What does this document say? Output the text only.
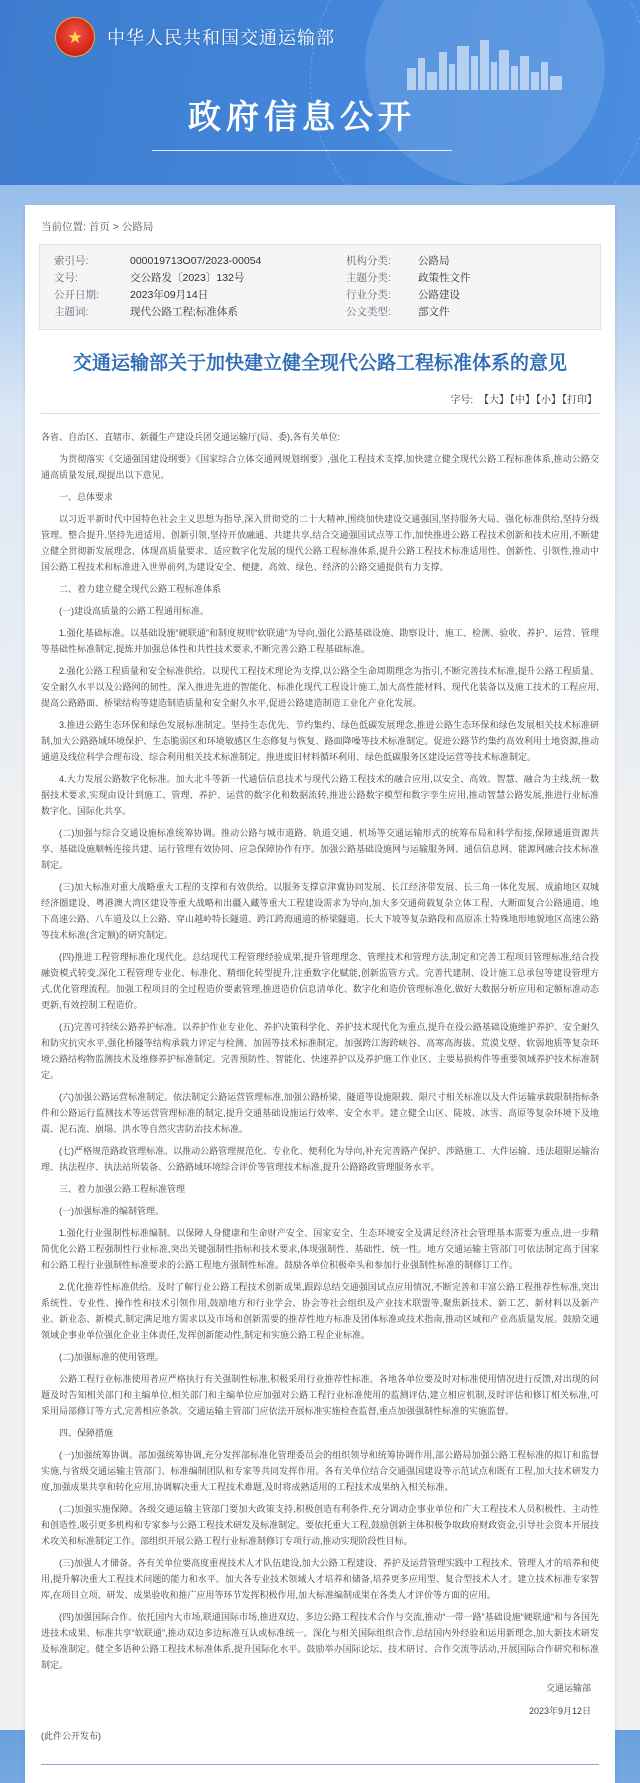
★	中华人民共和国交通运输部
政府信息公开
当前位置: 首页 > 公路局
索引号:	000019713O07/2023-00054	机构分类:	公路局
文号:	交公路发〔2023〕132号	主题分类:	政策性文件
公开日期:	2023年09月14日	行业分类:	公路建设
主题词:	现代公路工程;标准体系	公文类型:	部文件
交通运输部关于加快建立健全现代公路工程标准体系的意见
字号: 【大】【中】【小】【打印】

各省、自治区、直辖市、新疆生产建设兵团交通运输厅(局、委),各有关单位:

为贯彻落实《交通强国建设纲要》《国家综合立体交通网规划纲要》,强化工程技术支撑,加快建立健全现代公路工程标准体系,推动公路交通高质量发展,现提出以下意见。

一、总体要求

以习近平新时代中国特色社会主义思想为指导,深入贯彻党的二十大精神,围绕加快建设交通强国,坚持服务大局、强化标准供给,坚持分级管理、整合提升,坚持先进适用、创新引领,坚持开放融通、共建共享,结合交通强国试点等工作,加快推进公路工程技术创新和技术应用,不断建立健全贯彻新发展理念、体现高质量要求、适应数字化发展的现代公路工程标准体系,提升公路工程技术标准适用性、创新性、引领性,推动中国公路工程技术和标准进入世界前列,为建设安全、便捷、高效、绿色、经济的公路交通提供有力支撑。

二、着力建立健全现代公路工程标准体系

(一)建设高质量的公路工程通用标准。

1.强化基础标准。以基础设施“硬联通”和制度规则“软联通”为导向,强化公路基础设施、勘察设计、施工、检测、验收、养护、运营、管理等基础性标准制定,提炼并加强总体性和共性技术要求,不断完善公路工程基础标准。

2.强化公路工程质量和安全标准供给。以现代工程技术理论为支撑,以公路全生命周期理念为指引,不断完善技术标准,提升公路工程质量、安全耐久水平以及公路网的韧性。深入推进先进的智能化、标准化现代工程设计施工,加大高性能材料、现代化装备以及施工技术的工程应用,提高公路路面、桥梁结构等建造制造质量和安全耐久水平,促进公路建造制造工业化产业化发展。

3.推进公路生态环保和绿色发展标准制定。坚持生态优先、节约集约、绿色低碳发展理念,推进公路生态环保和绿色发展相关技术标准研制,加大公路路域环境保护、生态脆弱区和环境敏感区生态修复与恢复、路面降噪等技术标准制定。促进公路节约集约高效利用土地资源,推动通道及线位科学合理布设、综合利用相关技术标准制定。推进废旧材料循环利用、绿色低碳服务区建设运营等技术标准制定。

4.大力发展公路数字化标准。加大北斗等新一代通信信息技术与现代公路工程技术的融合应用,以安全、高效、智慧、融合为主线,统一数据技术要求,实现由设计到施工、管理、养护、运营的数字化和数据流转,推进公路数字模型和数字孪生应用,推动智慧公路发展,推进行业标准数字化、国际化共享。

(二)加强与综合交通设施标准统筹协调。推动公路与城市道路、轨道交通、机场等交通运输形式的统筹布局和科学衔接,保障通道资源共享、基础设施顺畅连接共建、运行管理有效协同、应急保障协作有序。加强公路基础设施网与运输服务网、通信信息网、能源网融合技术标准制定。

(三)加大标准对重大战略重大工程的支撑和有效供给。以服务支撑京津冀协同发展、长江经济带发展、长三角一体化发展、成渝地区双城经济圈建设、粤港澳大湾区建设等重大战略和出疆入藏等重大工程建设需求为导向,加大多交通荷载复杂立体工程、大断面复合公路通道、地下高速公路、八车道及以上公路、穿山越岭特长隧道、跨江跨海通道的桥梁隧道、长大下坡等复杂路段和高原冻土特殊地形地貌地区高速公路等技术标准(含定额)的研究制定。

(四)推进工程管理标准化现代化。总结现代工程管理经验成果,提升管理理念、管理技术和管理方法,制定和完善工程项目管理标准,结合投融资模式转变,深化工程管理专业化、标准化、精细化转型提升,注重数字化赋能,创新监管方式。完善代建制、设计施工总承包等建设管理方式,优化管理流程。加强工程项目的全过程造价要素管理,推进造价信息清单化、数字化和造价管理标准化,做好大数据分析应用和定额标准动态更新,有效控制工程造价。

(五)完善可持续公路养护标准。以养护作业专业化、养护决策科学化、养护技术现代化为重点,提升在役公路基础设施维护养护、安全耐久和防灾抗灾水平,强化桥隧等结构承载力评定与检测、加固等技术标准制定。加强跨江海跨峡谷、高寒高海拔、荒漠戈壁、软弱地质等复杂环境公路结构物监测技术及维修养护标准制定。完善预防性、智能化、快速养护以及养护施工作业区、主要易损构件等重要领域养护技术标准制定。

(六)加强公路运营标准制定。依法制定公路运营管理标准,加强公路桥梁、隧道等设施限载、限尺寸相关标准以及大件运输承载限制指标条件和公路运行监测技术等运营管理标准的制定,提升交通基础设施运行效率、安全水平。建立健全山区、陡坡、冰雪、高原等复杂环境下及地震、泥石流、崩塌、洪水等自然灾害防治技术标准。

(七)严格规范路政管理标准。以推动公路管理规范化、专业化、便利化为导向,补充完善路产保护、涉路施工、大件运输、违法超限运输治理、执法程序、执法站所装备、公路路域环境综合评价等管理技术标准,提升公路路政管理服务水平。

三、着力加强公路工程标准管理

(一)加强标准的编制管理。

1.强化行业强制性标准编制。以保障人身健康和生命财产安全、国家安全、生态环境安全及满足经济社会管理基本需要为重点,进一步精简优化公路工程强制性行业标准,突出关键强制性指标和技术要求,体现强制性、基础性、统一性。地方交通运输主管部门可依法制定高于国家和公路工程行业强制性标准要求的公路工程地方强制性标准。鼓励各单位积极牵头和参加行业强制性标准的制修订工作。

2.优化推荐性标准供给。及时了解行业公路工程技术创新成果,跟踪总结交通强国试点应用情况,不断完善和丰富公路工程推荐性标准,突出系统性、专业性、操作性和技术引领作用,鼓励地方和行业学会、协会等社会组织及产业技术联盟等,聚焦新技术、新工艺、新材料以及新产业、新业态、新模式,制定满足地方需求以及市场和创新需要的推荐性地方标准及团体标准或技术指南,推动区域和产业高质量发展。鼓励交通领域企事业单位强化企业主体责任,发挥创新能动性,制定和实施公路工程企业标准。

(二)加强标准的使用管理。

公路工程行业标准使用者应严格执行有关强制性标准,积极采用行业推荐性标准。各地各单位要及时对标准使用情况进行反馈,对出现的问题及时告知相关部门和主编单位,相关部门和主编单位应加强对公路工程行业标准使用的监测评估,建立相应机制,及时评估和修订相关标准,可采用局部修订等方式,完善相应条款。交通运输主管部门应依法开展标准实施检查监督,重点加强强制性标准的实施监督。

四、保障措施

(一)加强统筹协调。部加强统筹协调,充分发挥部标准化管理委员会的组织领导和统筹协调作用,部公路局加强公路工程标准的拟订和监督实施,与省级交通运输主管部门、标准编制团队和专家等共同发挥作用。各有关单位结合交通强国建设等示范试点和既有工程,加大技术研发力度,加强成果共享和转化应用,协调解决重大工程技术难题,及时将成熟适用的工程技术成果纳入相关标准。

(二)加强实施保障。各级交通运输主管部门要加大政策支持,积极创造有利条件,充分调动企事业单位和广大工程技术人员积极性、主动性和创造性,吸引更多机构和专家参与公路工程技术研发及标准制定。要依托重大工程,鼓励创新主体积极争取政府财政资金,引导社会资本开展技术攻关和标准制定工作。部组织开展公路工程行业标准制修订专项行动,推动实现阶段性目标。

(三)加强人才储备。各有关单位要高度重视技术人才队伍建设,加大公路工程建设、养护及运营管理实践中工程技术、管理人才的培养和使用,提升解决重大工程技术问题的能力和水平。加大各专业技术领域人才培养和储备,培养更多应用型、复合型技术人才。建立技术标准专家智库,在项目立项、研发、成果验收和推广应用等环节发挥积极作用,加大标准编制成果在各类人才评价等方面的应用。

(四)加强国际合作。依托国内大市场,联通国际市场,推进双边、多边公路工程技术合作与交流,推动“一带一路”基础设施“硬联通”和与各国先进技术成果、标准共享“软联通”,推动双边多边标准互认或标准统一。深化与相关国际组织合作,总结国内外经验和运用新理念,加大新技术研发及标准制定。健全多语种公路工程技术标准体系,提升国际化水平。鼓励举办国际论坛、技术研讨、合作交流等活动,开展国际合作研究和标准制定。

交通运输部

2023年9月12日

(此件公开发布)
